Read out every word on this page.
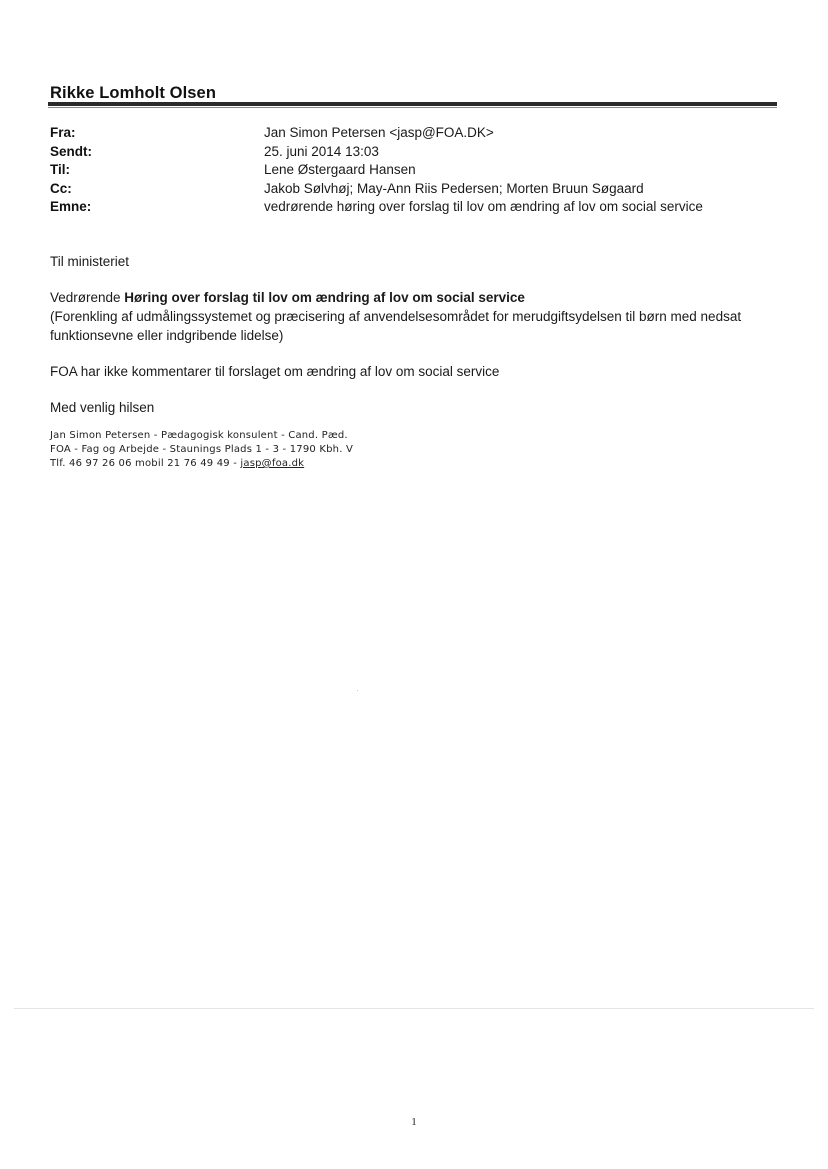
Rikke Lomholt Olsen
Fra:	Jan Simon Petersen <jasp@FOA.DK>
Sendt:	25. juni 2014 13:03
Til:	Lene Østergaard Hansen
Cc:	Jakob Sølvhøj; May-Ann Riis Pedersen; Morten Bruun Søgaard
Emne:	vedrørende høring over forslag til lov om ændring af lov om social service

Til ministeriet

Vedrørende Høring over forslag til lov om ændring af lov om social service
(Forenkling af udmålingssystemet og præcisering af anvendelsesområdet for merudgiftsydelsen til børn med nedsat funktionsevne eller indgribende lidelse)

FOA har ikke kommentarer til forslaget om ændring af lov om social service

Med venlig hilsen

Jan Simon Petersen - Pædagogisk konsulent - Cand. Pæd.
FOA - Fag og Arbejde - Staunings Plads 1 - 3 - 1790 Kbh. V
Tlf. 46 97 26 06 mobil 21 76 49 49 - jasp@foa.dk
1
